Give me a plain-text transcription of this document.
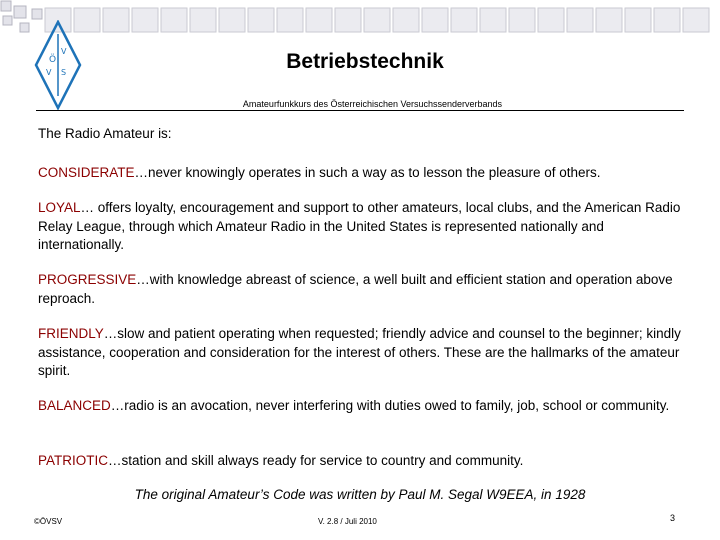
Ö
V
V S	Betriebstechnik
Amateurfunkkurs des Österreichischen Versuchssenderverbands
The Radio Amateur is:
CONSIDERATE…never knowingly operates in such a way as to lesson the pleasure of others.
LOYAL… offers loyalty, encouragement and support to other amateurs, local clubs, and the American Radio Relay League, through which Amateur Radio in the United States is represented nationally and internationally.
PROGRESSIVE…with knowledge abreast of science, a well built and efficient station and operation above reproach.
FRIENDLY…slow and patient operating when requested; friendly advice and counsel to the beginner; kindly assistance, cooperation and consideration for the interest of others. These are the hallmarks of the amateur spirit.
BALANCED…radio is an avocation, never interfering with duties owed to family, job, school or community.
PATRIOTIC…station and skill always ready for service to country and community.
The original Amateur’s Code was written by Paul M. Segal W9EEA, in 1928
©ÖVSV	V. 2.8 / Juli 2010	3
